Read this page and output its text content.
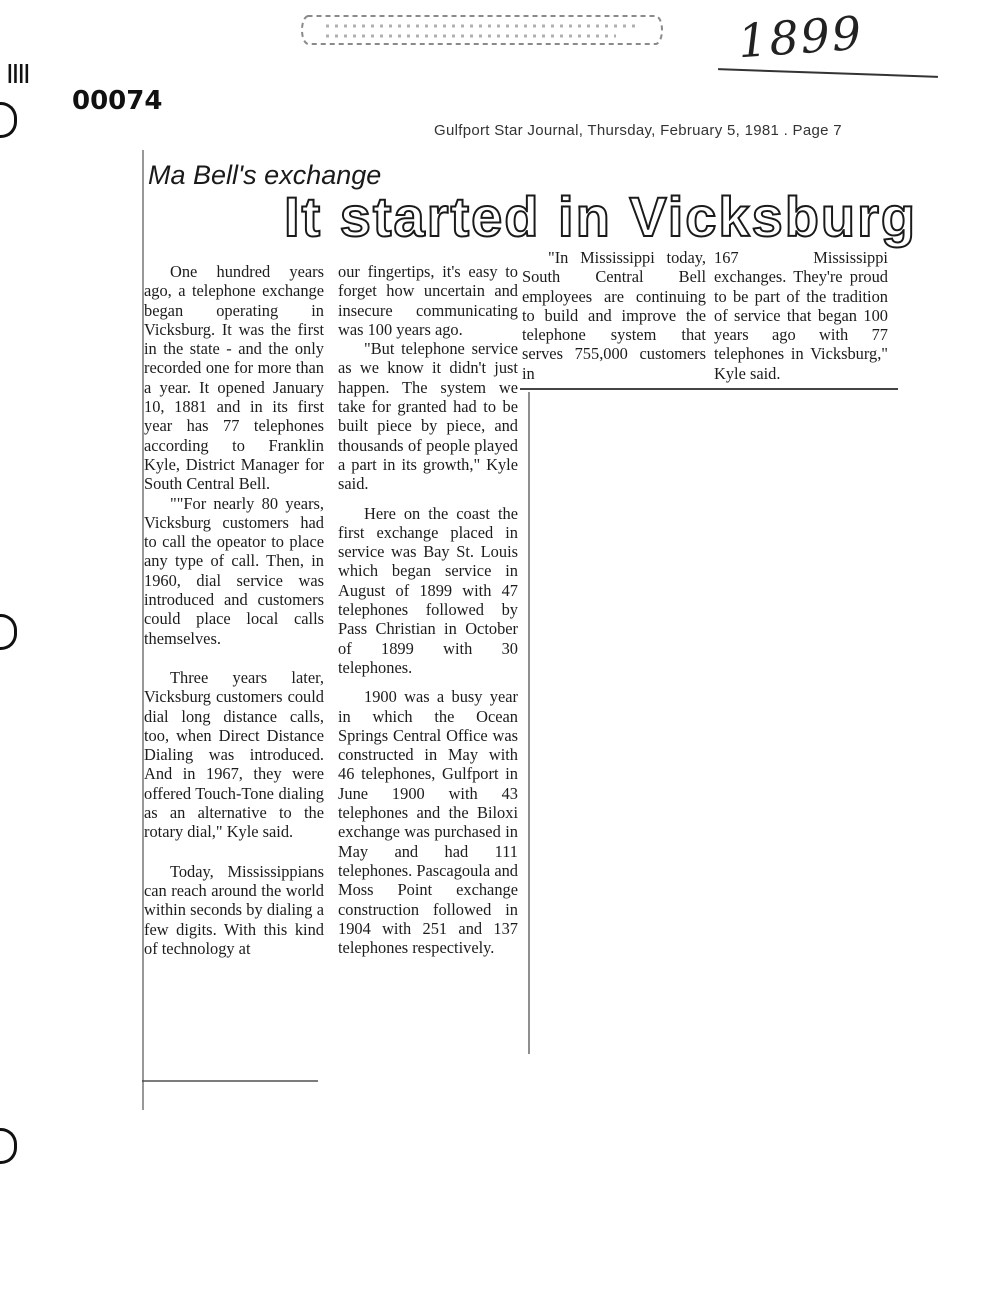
1899
IIII
00074
Gulfport Star Journal, Thursday, February 5, 1981 . Page 7
Ma Bell's exchange
It started in Vicksburg

One hundred years ago, a telephone exchange began operating in Vicksburg. It was the first in the state - and the only recorded one for more than a year. It opened January 10, 1881 and in its first year has 77 telephones according to Franklin Kyle, District Manager for South Central Bell.

""For nearly 80 years, Vicksburg customers had to call the opeator to place any type of call. Then, in 1960, dial service was introduced and customers could place local calls themselves.

Three years later, Vicksburg customers could dial long distance calls, too, when Direct Distance Dialing was introduced. And in 1967, they were offered Touch-Tone dialing as an alternative to the rotary dial," Kyle said.

Today, Mississippians can reach around the world within seconds by dialing a few digits. With this kind of technology at

our fingertips, it's easy to forget how uncertain and insecure communicating was 100 years ago.

"But telephone service as we know it didn't just happen. The system we take for granted had to be built piece by piece, and thousands of people played a part in its growth," Kyle said.

Here on the coast the first exchange placed in service was Bay St. Louis which began service in August of 1899 with 47 telephones followed by Pass Christian in October of 1899 with 30 telephones.

1900 was a busy year in which the Ocean Springs Central Office was constructed in May with 46 telephones, Gulfport in June 1900 with 43 telephones and the Biloxi exchange was purchased in May and had 111 telephones. Pascagoula and Moss Point exchange construction followed in 1904 with 251 and 137 telephones respectively.

"In Mississippi today, South Central Bell employees are continuing to build and improve the telephone system that serves 755,000 customers in

167 Mississippi exchanges. They're proud to be part of the tradition of service that began 100 years ago with 77 telephones in Vicksburg," Kyle said.
